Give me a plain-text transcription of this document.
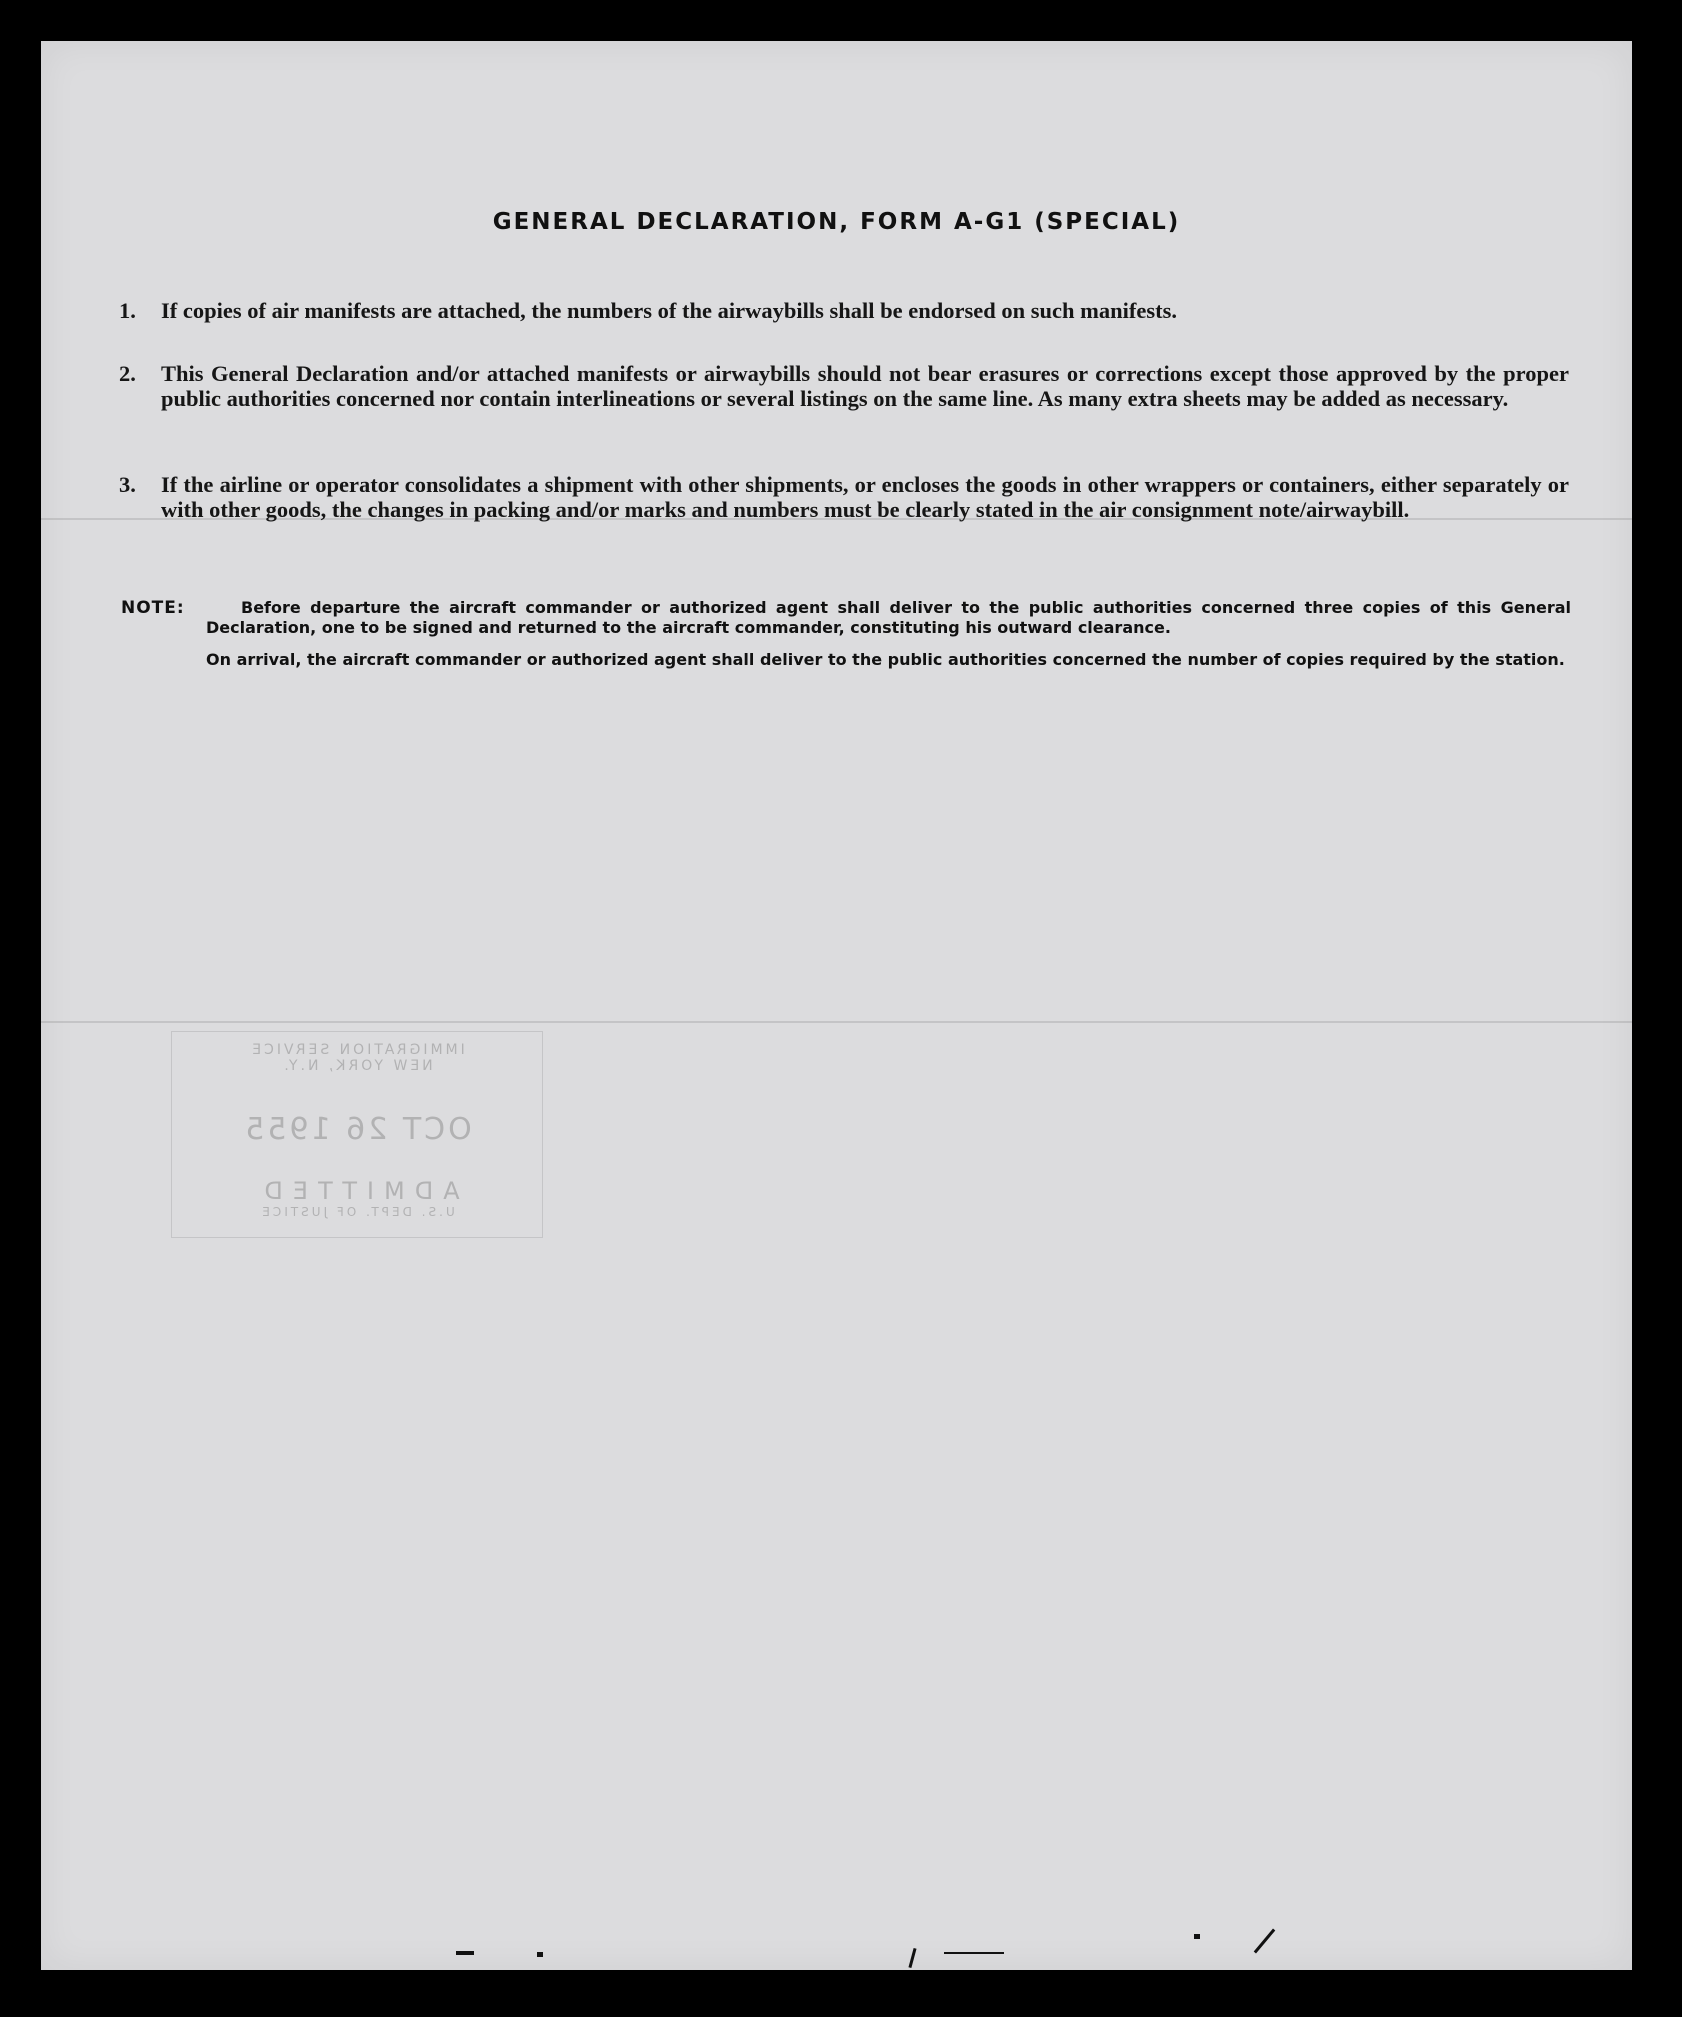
GENERAL DECLARATION, FORM A-G1 (SPECIAL)
1. If copies of air manifests are attached, the numbers of the airwaybills shall be endorsed on such manifests.
2. This General Declaration and/or attached manifests or airwaybills should not bear erasures or corrections except those approved by the proper public authorities concerned nor contain interlineations or several listings on the same line. As many extra sheets may be added as necessary.
3. If the airline or operator consolidates a shipment with other shipments, or encloses the goods in other wrappers or containers, either separately or with other goods, the changes in packing and/or marks and numbers must be clearly stated in the air consignment note/airwaybill.
NOTE:	Before departure the aircraft commander or authorized agent shall deliver to the public authorities concerned three copies of this General Declaration, one to be signed and returned to the aircraft commander, constituting his outward clearance.
On arrival, the aircraft commander or authorized agent shall deliver to the public authorities concerned the number of copies required by the station.
IMMIGRATION SERVICE
NEW YORK, N.Y.
OCT 26 1955
ADMITTED
U.S. DEPT. OF JUSTICE
